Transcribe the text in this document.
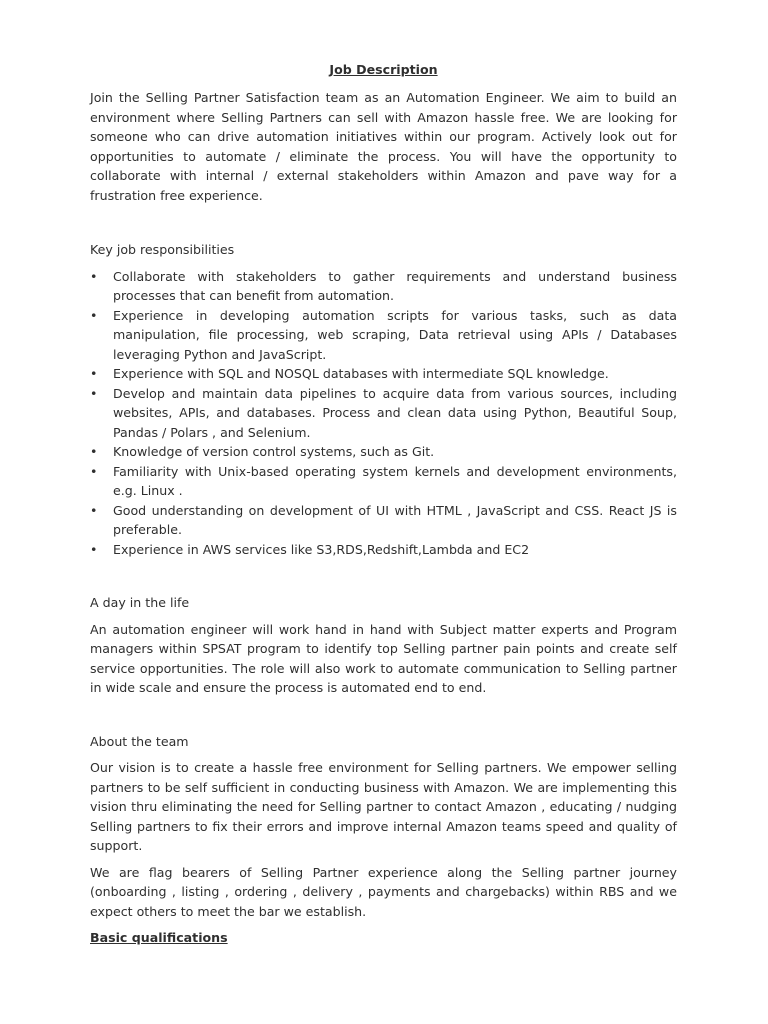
Job Description

Join the Selling Partner Satisfaction team as an Automation Engineer. We aim to build an environment where Selling Partners can sell with Amazon hassle free. We are looking for someone who can drive automation initiatives within our program. Actively look out for opportunities to automate / eliminate the process. You will have the opportunity to collaborate with internal / external stakeholders within Amazon and pave way for a frustration free experience.

Key job responsibilities

• Collaborate with stakeholders to gather requirements and understand business processes that can benefit from automation.
• Experience in developing automation scripts for various tasks, such as data manipulation, file processing, web scraping, Data retrieval using APIs / Databases leveraging Python and JavaScript.
• Experience with SQL and NOSQL databases with intermediate SQL knowledge.
• Develop and maintain data pipelines to acquire data from various sources, including websites, APIs, and databases. Process and clean data using Python, Beautiful Soup, Pandas / Polars , and Selenium.
• Knowledge of version control systems, such as Git.
• Familiarity with Unix-based operating system kernels and development environments, e.g. Linux .
• Good understanding on development of UI with HTML , JavaScript and CSS. React JS is preferable.
• Experience in AWS services like S3,RDS,Redshift,Lambda and EC2

A day in the life

An automation engineer will work hand in hand with Subject matter experts and Program managers within SPSAT program to identify top Selling partner pain points and create self service opportunities. The role will also work to automate communication to Selling partner in wide scale and ensure the process is automated end to end.

About the team

Our vision is to create a hassle free environment for Selling partners. We empower selling partners to be self sufficient in conducting business with Amazon. We are implementing this vision thru eliminating the need for Selling partner to contact Amazon , educating / nudging Selling partners to fix their errors and improve internal Amazon teams speed and quality of support.

We are flag bearers of Selling Partner experience along the Selling partner journey (onboarding , listing , ordering , delivery , payments and chargebacks) within RBS and we expect others to meet the bar we establish.

Basic qualifications
